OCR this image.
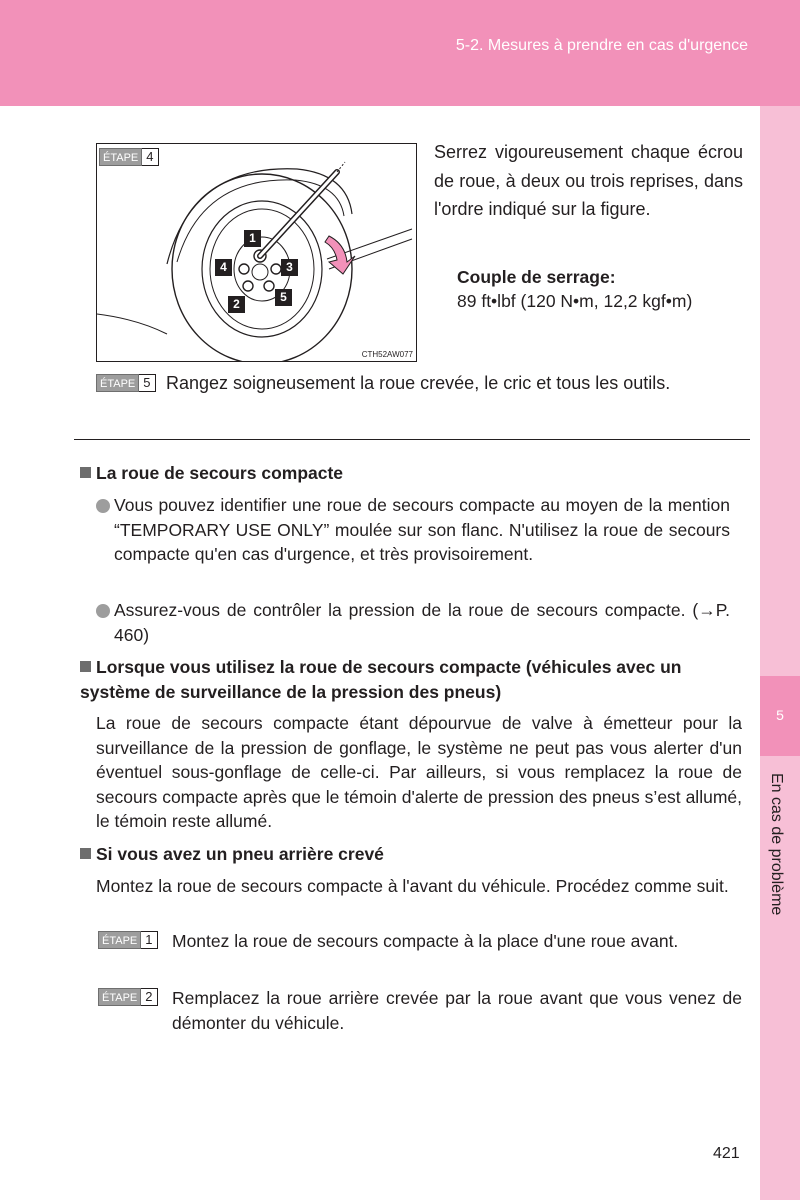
5-2. Mesures à prendre en cas d'urgence
5
En cas de problème
ÉTAPE 4
1
2
3
4
5
CTH52AW077
Serrez vigoureusement chaque écrou de roue, à deux ou trois reprises, dans l'ordre indiqué sur la figure.
Couple de serrage:
89 ft•lbf (120 N•m, 12,2 kgf•m)
ÉTAPE 5 Rangez soigneusement la roue crevée, le cric et tous les outils.
La roue de secours compacte
Vous pouvez identifier une roue de secours compacte au moyen de la mention “TEMPORARY USE ONLY” moulée sur son flanc. N'utilisez la roue de secours compacte qu'en cas d'urgence, et très provisoirement.
Assurez-vous de contrôler la pression de la roue de secours compacte. (→P. 460)
Lorsque vous utilisez la roue de secours compacte (véhicules avec un système de surveillance de la pression des pneus)
La roue de secours compacte étant dépourvue de valve à émetteur pour la surveillance de la pression de gonflage, le système ne peut pas vous alerter d'un éventuel sous-gonflage de celle-ci. Par ailleurs, si vous remplacez la roue de secours compacte après que le témoin d'alerte de pression des pneus s’est allumé, le témoin reste allumé.
Si vous avez un pneu arrière crevé
Montez la roue de secours compacte à l'avant du véhicule. Procédez comme suit.
ÉTAPE 1 Montez la roue de secours compacte à la place d'une roue avant.
ÉTAPE 2 Remplacez la roue arrière crevée par la roue avant que vous venez de démonter du véhicule.
421
